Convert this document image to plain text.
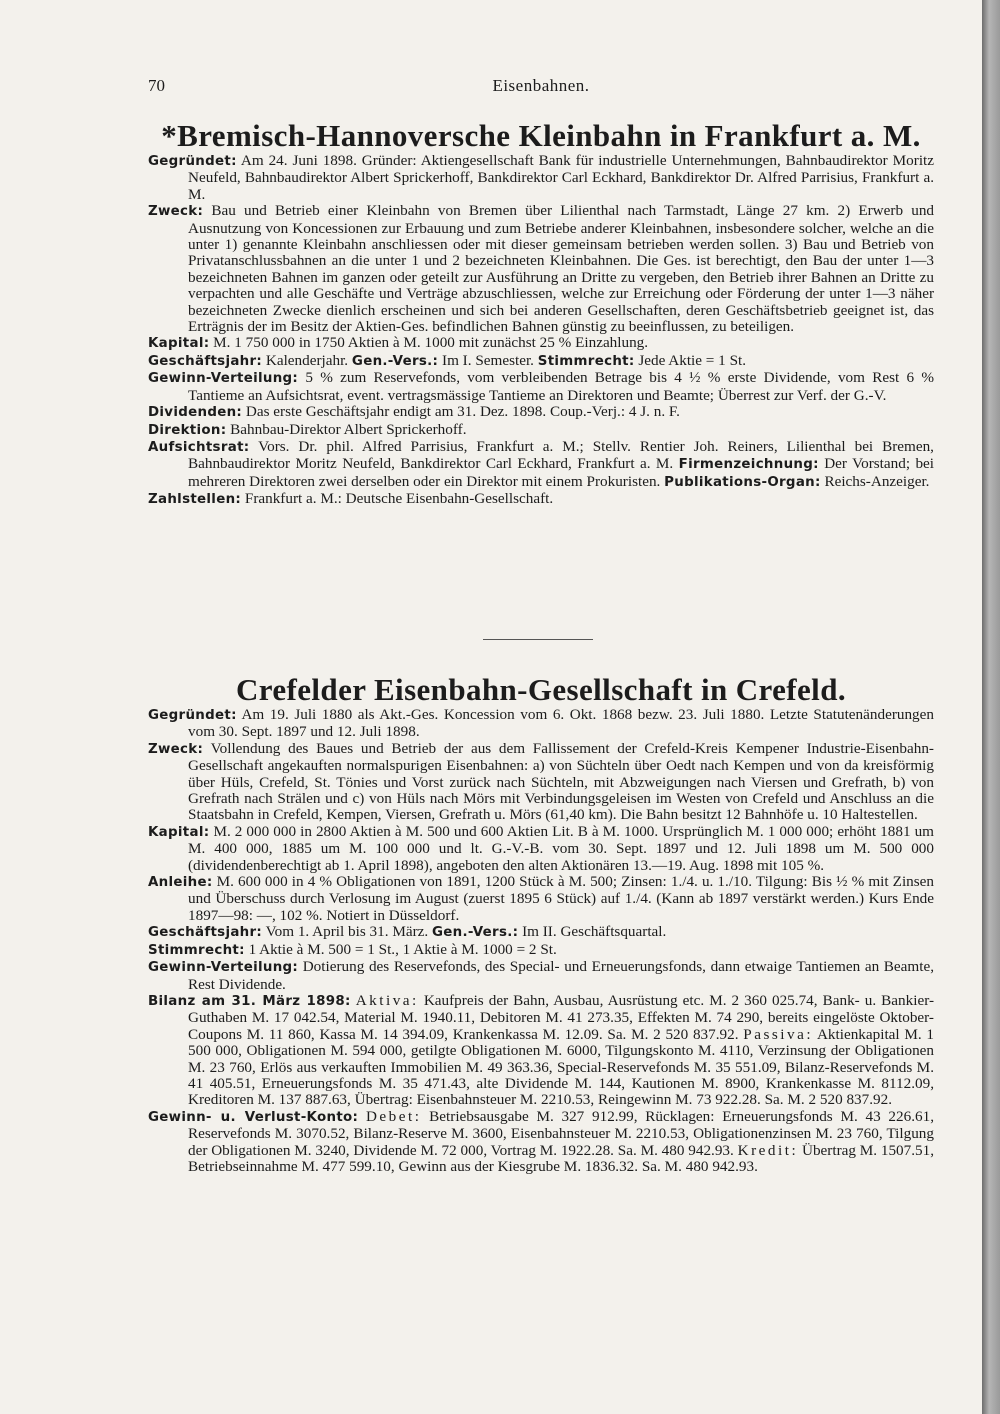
70	Eisenbahnen.
*Bremisch-Hannoversche Kleinbahn in Frankfurt a. M.

Gegründet: Am 24. Juni 1898. Gründer: Aktiengesellschaft Bank für industrielle Unternehmungen, Bahnbaudirektor Moritz Neufeld, Bahnbaudirektor Albert Sprickerhoff, Bankdirektor Carl Eckhard, Bankdirektor Dr. Alfred Parrisius, Frankfurt a. M.

Zweck: Bau und Betrieb einer Kleinbahn von Bremen über Lilienthal nach Tarmstadt, Länge 27 km. 2) Erwerb und Ausnutzung von Koncessionen zur Erbauung und zum Betriebe anderer Kleinbahnen, insbesondere solcher, welche an die unter 1) genannte Kleinbahn anschliessen oder mit dieser gemeinsam betrieben werden sollen. 3) Bau und Betrieb von Privatanschlussbahnen an die unter 1 und 2 bezeichneten Kleinbahnen. Die Ges. ist berechtigt, den Bau der unter 1—3 bezeichneten Bahnen im ganzen oder geteilt zur Ausführung an Dritte zu vergeben, den Betrieb ihrer Bahnen an Dritte zu verpachten und alle Geschäfte und Verträge abzuschliessen, welche zur Erreichung oder Förderung der unter 1—3 näher bezeichneten Zwecke dienlich erscheinen und sich bei anderen Gesellschaften, deren Geschäftsbetrieb geeignet ist, das Erträgnis der im Besitz der Aktien-Ges. befindlichen Bahnen günstig zu beeinflussen, zu beteiligen.

Kapital: M. 1 750 000 in 1750 Aktien à M. 1000 mit zunächst 25 % Einzahlung.

Geschäftsjahr: Kalenderjahr. Gen.-Vers.: Im I. Semester. Stimmrecht: Jede Aktie = 1 St.

Gewinn-Verteilung: 5 % zum Reservefonds, vom verbleibenden Betrage bis 4 ½ % erste Dividende, vom Rest 6 % Tantieme an Aufsichtsrat, event. vertragsmässige Tantieme an Direktoren und Beamte; Überrest zur Verf. der G.-V.

Dividenden: Das erste Geschäftsjahr endigt am 31. Dez. 1898. Coup.-Verj.: 4 J. n. F.

Direktion: Bahnbau-Direktor Albert Sprickerhoff.

Aufsichtsrat: Vors. Dr. phil. Alfred Parrisius, Frankfurt a. M.; Stellv. Rentier Joh. Reiners, Lilienthal bei Bremen, Bahnbaudirektor Moritz Neufeld, Bankdirektor Carl Eckhard, Frankfurt a. M. Firmenzeichnung: Der Vorstand; bei mehreren Direktoren zwei derselben oder ein Direktor mit einem Prokuristen. Publikations-Organ: Reichs-Anzeiger.

Zahlstellen: Frankfurt a. M.: Deutsche Eisenbahn-Gesellschaft.

Crefelder Eisenbahn-Gesellschaft in Crefeld.

Gegründet: Am 19. Juli 1880 als Akt.-Ges. Koncession vom 6. Okt. 1868 bezw. 23. Juli 1880. Letzte Statutenänderungen vom 30. Sept. 1897 und 12. Juli 1898.

Zweck: Vollendung des Baues und Betrieb der aus dem Fallissement der Crefeld-Kreis Kempener Industrie-Eisenbahn-Gesellschaft angekauften normalspurigen Eisenbahnen: a) von Süchteln über Oedt nach Kempen und von da kreisförmig über Hüls, Crefeld, St. Tönies und Vorst zurück nach Süchteln, mit Abzweigungen nach Viersen und Grefrath, b) von Grefrath nach Strälen und c) von Hüls nach Mörs mit Verbindungsgeleisen im Westen von Crefeld und Anschluss an die Staatsbahn in Crefeld, Kempen, Viersen, Grefrath u. Mörs (61,40 km). Die Bahn besitzt 12 Bahnhöfe u. 10 Haltestellen.

Kapital: M. 2 000 000 in 2800 Aktien à M. 500 und 600 Aktien Lit. B à M. 1000. Ursprünglich M. 1 000 000; erhöht 1881 um M. 400 000, 1885 um M. 100 000 und lt. G.-V.-B. vom 30. Sept. 1897 und 12. Juli 1898 um M. 500 000 (dividendenberechtigt ab 1. April 1898), angeboten den alten Aktionären 13.—19. Aug. 1898 mit 105 %.

Anleihe: M. 600 000 in 4 % Obligationen von 1891, 1200 Stück à M. 500; Zinsen: 1./4. u. 1./10. Tilgung: Bis ½ % mit Zinsen und Überschuss durch Verlosung im August (zuerst 1895 6 Stück) auf 1./4. (Kann ab 1897 verstärkt werden.) Kurs Ende 1897—98: —, 102 %. Notiert in Düsseldorf.

Geschäftsjahr: Vom 1. April bis 31. März. Gen.-Vers.: Im II. Geschäftsquartal.

Stimmrecht: 1 Aktie à M. 500 = 1 St., 1 Aktie à M. 1000 = 2 St.

Gewinn-Verteilung: Dotierung des Reservefonds, des Special- und Erneuerungsfonds, dann etwaige Tantiemen an Beamte, Rest Dividende.

Bilanz am 31. März 1898: Aktiva: Kaufpreis der Bahn, Ausbau, Ausrüstung etc. M. 2 360 025.74, Bank- u. Bankier-Guthaben M. 17 042.54, Material M. 1940.11, Debitoren M. 41 273.35, Effekten M. 74 290, bereits eingelöste Oktober-Coupons M. 11 860, Kassa M. 14 394.09, Krankenkassa M. 12.09. Sa. M. 2 520 837.92. Passiva: Aktienkapital M. 1 500 000, Obligationen M. 594 000, getilgte Obligationen M. 6000, Tilgungskonto M. 4110, Verzinsung der Obligationen M. 23 760, Erlös aus verkauften Immobilien M. 49 363.36, Special-Reservefonds M. 35 551.09, Bilanz-Reservefonds M. 41 405.51, Erneuerungsfonds M. 35 471.43, alte Dividende M. 144, Kautionen M. 8900, Krankenkasse M. 8112.09, Kreditoren M. 137 887.63, Übertrag: Eisenbahnsteuer M. 2210.53, Reingewinn M. 73 922.28. Sa. M. 2 520 837.92.

Gewinn- u. Verlust-Konto: Debet: Betriebsausgabe M. 327 912.99, Rücklagen: Erneuerungsfonds M. 43 226.61, Reservefonds M. 3070.52, Bilanz-Reserve M. 3600, Eisenbahnsteuer M. 2210.53, Obligationenzinsen M. 23 760, Tilgung der Obligationen M. 3240, Dividende M. 72 000, Vortrag M. 1922.28. Sa. M. 480 942.93. Kredit: Übertrag M. 1507.51, Betriebseinnahme M. 477 599.10, Gewinn aus der Kiesgrube M. 1836.32. Sa. M. 480 942.93.
